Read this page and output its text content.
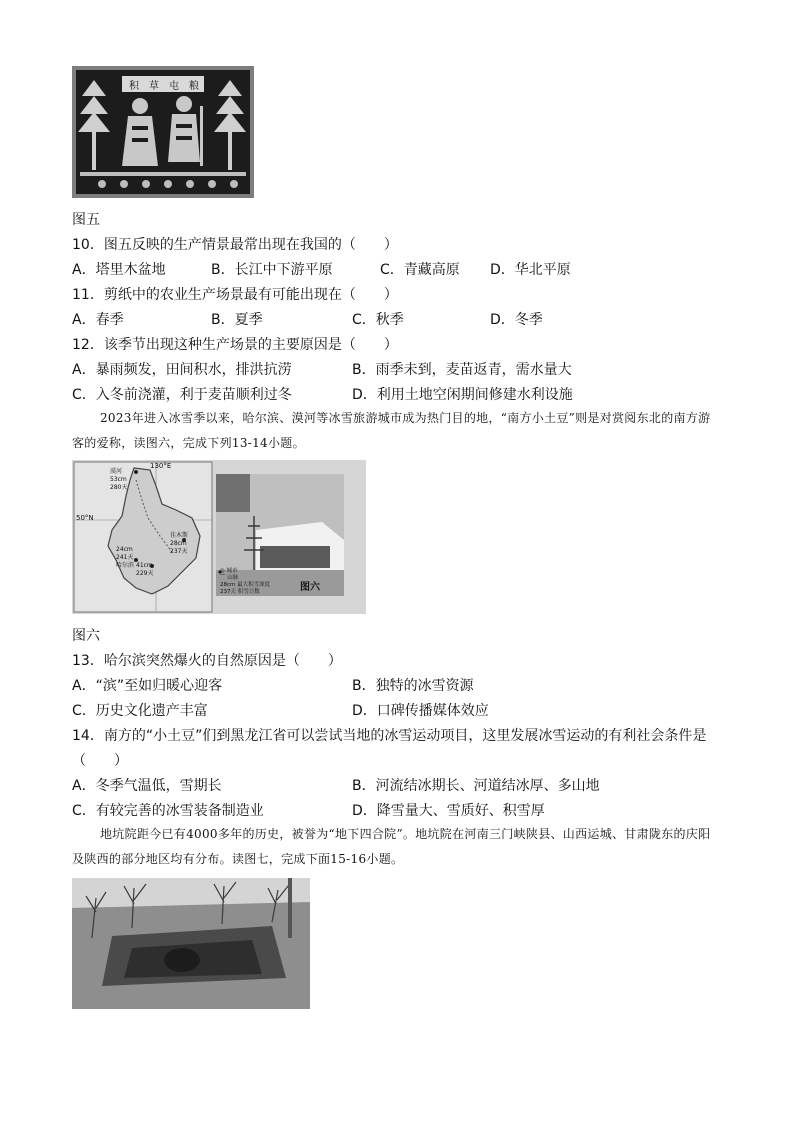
积 草 屯 粮
图五
10．图五反映的生产情景最常出现在我国的（　　）
A．塔里木盆地	B．长江中下游平原	C．青藏高原 D．华北平原
11．剪纸中的农业生产场景最有可能出现在（　　）
A．春季	B．夏季	C．秋季	D．冬季
12．该季节出现这种生产场景的主要原因是（　　）
A．暴雨频发，田间积水，排洪抗涝	B．雨季未到，麦苗返青，需水量大
C．入冬前浇灌，利于麦苗顺利过冬	D．利用土地空闲期间修建水利设施
2023年进入冰雪季以来，哈尔滨、漠河等冰雪旅游城市成为热门目的地，“南方小土豆”则是对赏阅东北的南方游客的爱称，读图六，完成下列13-14小题。
130°E
50°N
漠河
53cm
280天
24cm
241天
哈尔滨 41cm
229天
佳木斯
28cm
237天
◎ 城市
⌒ 山脉
28cm 最大积雪深度
237天 积雪日数	图六
图六
13．哈尔滨突然爆火的自然原因是（　　）
A．“滨”至如归暖心迎客	B．独特的冰雪资源
C．历史文化遗产丰富	D．口碑传播媒体效应
14．南方的“小土豆”们到黑龙江省可以尝试当地的冰雪运动项目，这里发展冰雪运动的有利社会条件是
（　　）
A．冬季气温低，雪期长	B．河流结冰期长、河道结冰厚、多山地
C．有较完善的冰雪装备制造业	D．降雪量大、雪质好、积雪厚
地坑院距今已有4000多年的历史，被誉为“地下四合院”。地坑院在河南三门峡陕县、山西运城、甘肃陇东的庆阳及陕西的部分地区均有分布。读图七，完成下面15-16小题。
